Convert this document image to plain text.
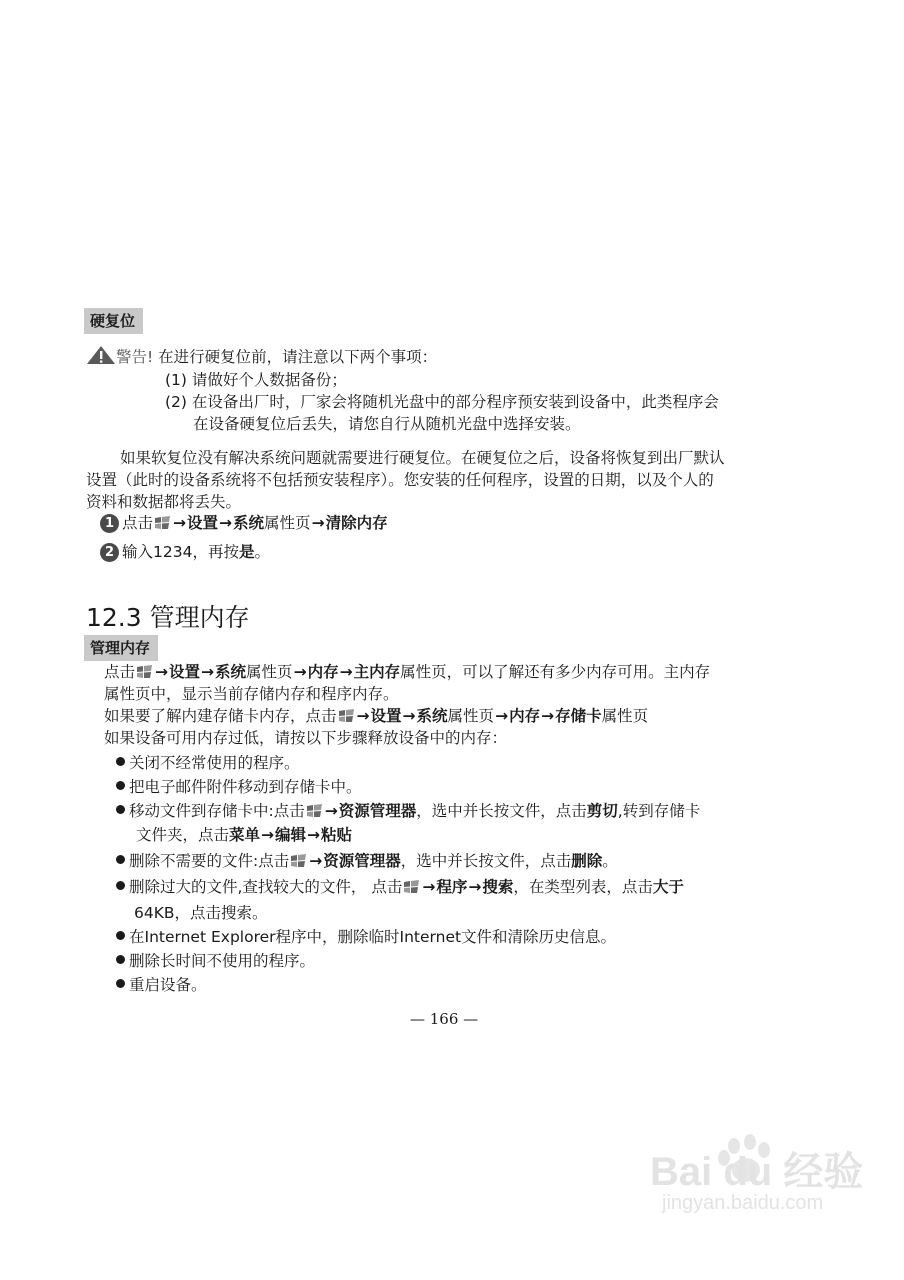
硬复位
警告! 在进行硬复位前，请注意以下两个事项：
(1) 请做好个人数据备份；
(2) 在设备出厂时，厂家会将随机光盘中的部分程序预安装到设备中，此类程序会
在设备硬复位后丢失，请您自行从随机光盘中选择安装。
如果软复位没有解决系统问题就需要进行硬复位。在硬复位之后，设备将恢复到出厂默认
设置（此时的设备系统将不包括预安装程序）。您安装的任何程序，设置的日期，以及个人的
资料和数据都将丢失。
1 点击 →设置→系统属性页→清除内存
2 输入1234，再按是。
12.3 管理内存
管理内存
点击 →设置→系统属性页→内存→主内存属性页，可以了解还有多少内存可用。主内存
属性页中，显示当前存储内存和程序内存。
如果要了解内建存储卡内存，点击 →设置→系统属性页→内存→存储卡属性页
如果设备可用内存过低，请按以下步骤释放设备中的内存：
关闭不经常使用的程序。
把电子邮件附件移动到存储卡中。
移动文件到存储卡中:点击 →资源管理器，选中并长按文件，点击剪切,转到存储卡
文件夹，点击菜单→编辑→粘贴
删除不需要的文件:点击 →资源管理器，选中并长按文件，点击删除。
删除过大的文件,查找较大的文件， 点击 →程序→搜索，在类型列表，点击大于
64KB，点击搜索。
在Internet Explorer程序中，删除临时Internet文件和清除历史信息。
删除长时间不使用的程序。
重启设备。
— 166 —
Bai du 经验
jingyan.baidu.com
